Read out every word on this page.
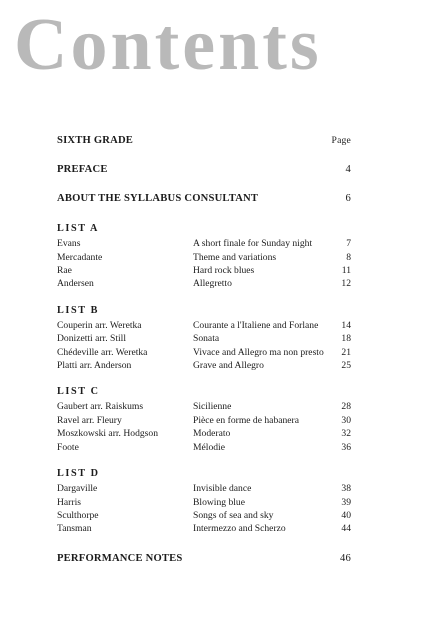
Contents
SIXTH GRADE	Page
PREFACE	4
ABOUT THE SYLLABUS CONSULTANT	6
LIST A
Evans	A short finale for Sunday night	7
Mercadante	Theme and variations	8
Rae	Hard rock blues	11
Andersen	Allegretto	12
LIST B
Couperin arr. Weretka	Courante a l'Italiene and Forlane	14
Donizetti arr. Still	Sonata	18
Chédeville arr. Weretka	Vivace and Allegro ma non presto	21
Platti arr. Anderson	Grave and Allegro	25
LIST C
Gaubert arr. Raiskums	Sicilienne	28
Ravel arr. Fleury	Pièce en forme de habanera	30
Moszkowski arr. Hodgson	Moderato	32
Foote	Mélodie	36
LIST D
Dargaville	Invisible dance	38
Harris	Blowing blue	39
Sculthorpe	Songs of sea and sky	40
Tansman	Intermezzo and Scherzo	44
PERFORMANCE NOTES	46
